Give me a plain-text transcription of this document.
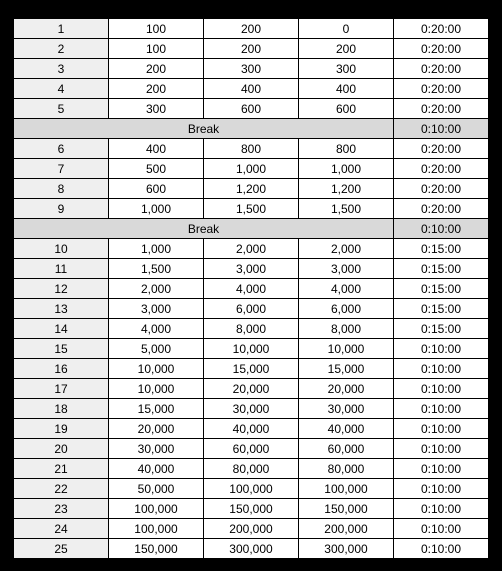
1	100	200	0	0:20:00
2	100	200	200	0:20:00
3	200	300	300	0:20:00
4	200	400	400	0:20:00
5	300	600	600	0:20:00
Break				0:10:00
6	400	800	800	0:20:00
7	500	1,000	1,000	0:20:00
8	600	1,200	1,200	0:20:00
9	1,000	1,500	1,500	0:20:00
Break				0:10:00
10	1,000	2,000	2,000	0:15:00
11	1,500	3,000	3,000	0:15:00
12	2,000	4,000	4,000	0:15:00
13	3,000	6,000	6,000	0:15:00
14	4,000	8,000	8,000	0:15:00
15	5,000	10,000	10,000	0:10:00
16	10,000	15,000	15,000	0:10:00
17	10,000	20,000	20,000	0:10:00
18	15,000	30,000	30,000	0:10:00
19	20,000	40,000	40,000	0:10:00
20	30,000	60,000	60,000	0:10:00
21	40,000	80,000	80,000	0:10:00
22	50,000	100,000	100,000	0:10:00
23	100,000	150,000	150,000	0:10:00
24	100,000	200,000	200,000	0:10:00
25	150,000	300,000	300,000	0:10:00
